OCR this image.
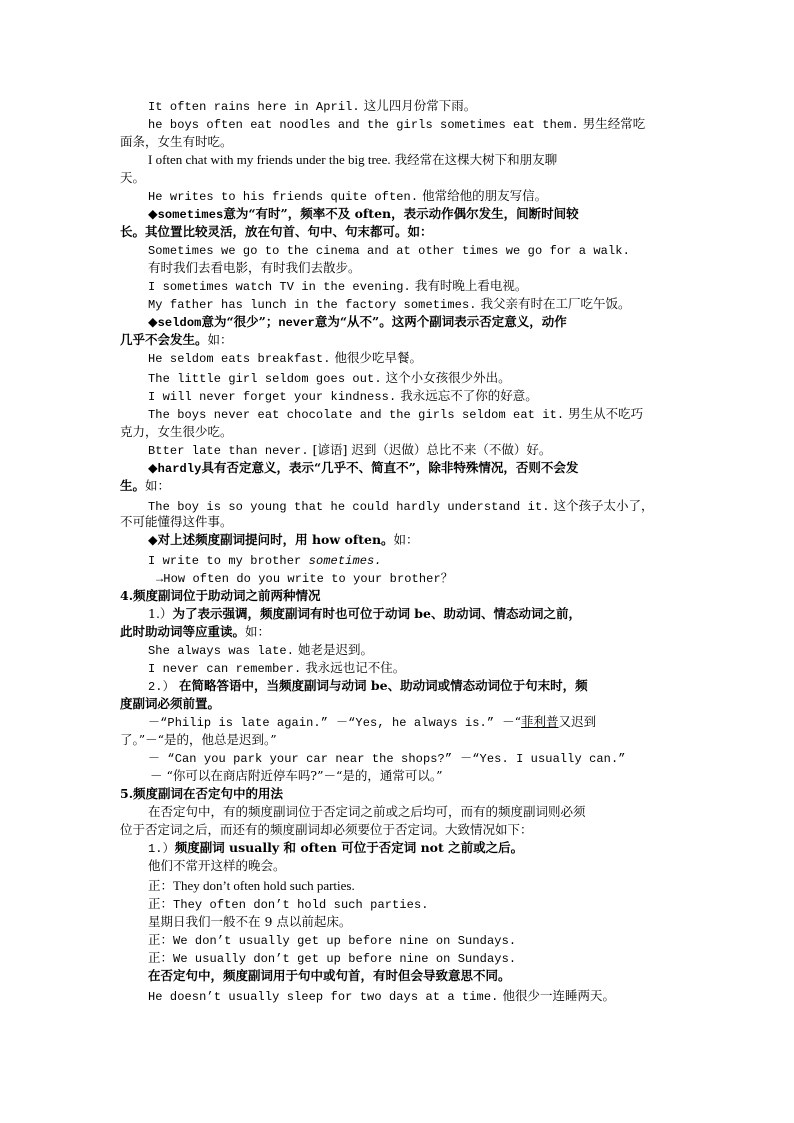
It often rains here in April. 这儿四月份常下雨。
he boys often eat noodles and the girls sometimes eat them. 男生经常吃
面条，女生有时吃。
I often chat with my friends under the big tree. 我经常在这棵大树下和朋友聊
天。
He writes to his friends quite often. 他常给他的朋友写信。
◆sometimes意为“有时”，频率不及 often，表示动作偶尔发生，间断时间较
长。其位置比较灵活，放在句首、句中、句末都可。如：
Sometimes we go to the cinema and at other times we go for a walk.
有时我们去看电影，有时我们去散步。
I sometimes watch TV in the evening. 我有时晚上看电视。
My father has lunch in the factory sometimes. 我父亲有时在工厂吃午饭。
◆seldom意为“很少”；never意为“从不”。这两个副词表示否定意义，动作
几乎不会发生。如：
He seldom eats breakfast. 他很少吃早餐。
The little girl seldom goes out. 这个小女孩很少外出。
I will never forget your kindness. 我永远忘不了你的好意。
The boys never eat chocolate and the girls seldom eat it. 男生从不吃巧
克力，女生很少吃。
Btter late than never. [谚语] 迟到（迟做）总比不来（不做）好。
◆hardly具有否定意义，表示“几乎不、简直不”，除非特殊情况，否则不会发
生。如：
The boy is so young that he could hardly understand it. 这个孩子太小了，
不可能懂得这件事。
◆对上述频度副词提问时，用 how often。如：
I write to my brother sometimes.
→How often do you write to your brother？
4.频度副词位于助动词之前两种情况
1.）为了表示强调，频度副词有时也可位于动词 be、助动词、情态动词之前，
此时助动词等应重读。如：
She always was late. 她老是迟到。
I never can remember. 我永远也记不住。
2.） 在简略答语中，当频度副词与动词 be、助动词或情态动词位于句末时，频
度副词必须前置。
－“Philip is late again.” －“Yes, he always is.” －“菲利普又迟到
了。”－“是的，他总是迟到。”
－ “Can you park your car near the shops?” －“Yes. I usually can.”
－ “你可以在商店附近停车吗?”－“是的，通常可以。”
5.频度副词在否定句中的用法
在否定句中，有的频度副词位于否定词之前或之后均可，而有的频度副词则必须
位于否定词之后，而还有的频度副词却必须要位于否定词。大致情况如下：
1.）频度副词 usually 和 often 可位于否定词 not 之前或之后。
他们不常开这样的晚会。
正：They don’t often hold such parties.
正：They often don’t hold such parties.
星期日我们一般不在 9 点以前起床。
正：We don’t usually get up before nine on Sundays.
正：We usually don’t get up before nine on Sundays.
在否定句中，频度副词用于句中或句首，有时但会导致意思不同。
He doesn’t usually sleep for two days at a time. 他很少一连睡两天。
